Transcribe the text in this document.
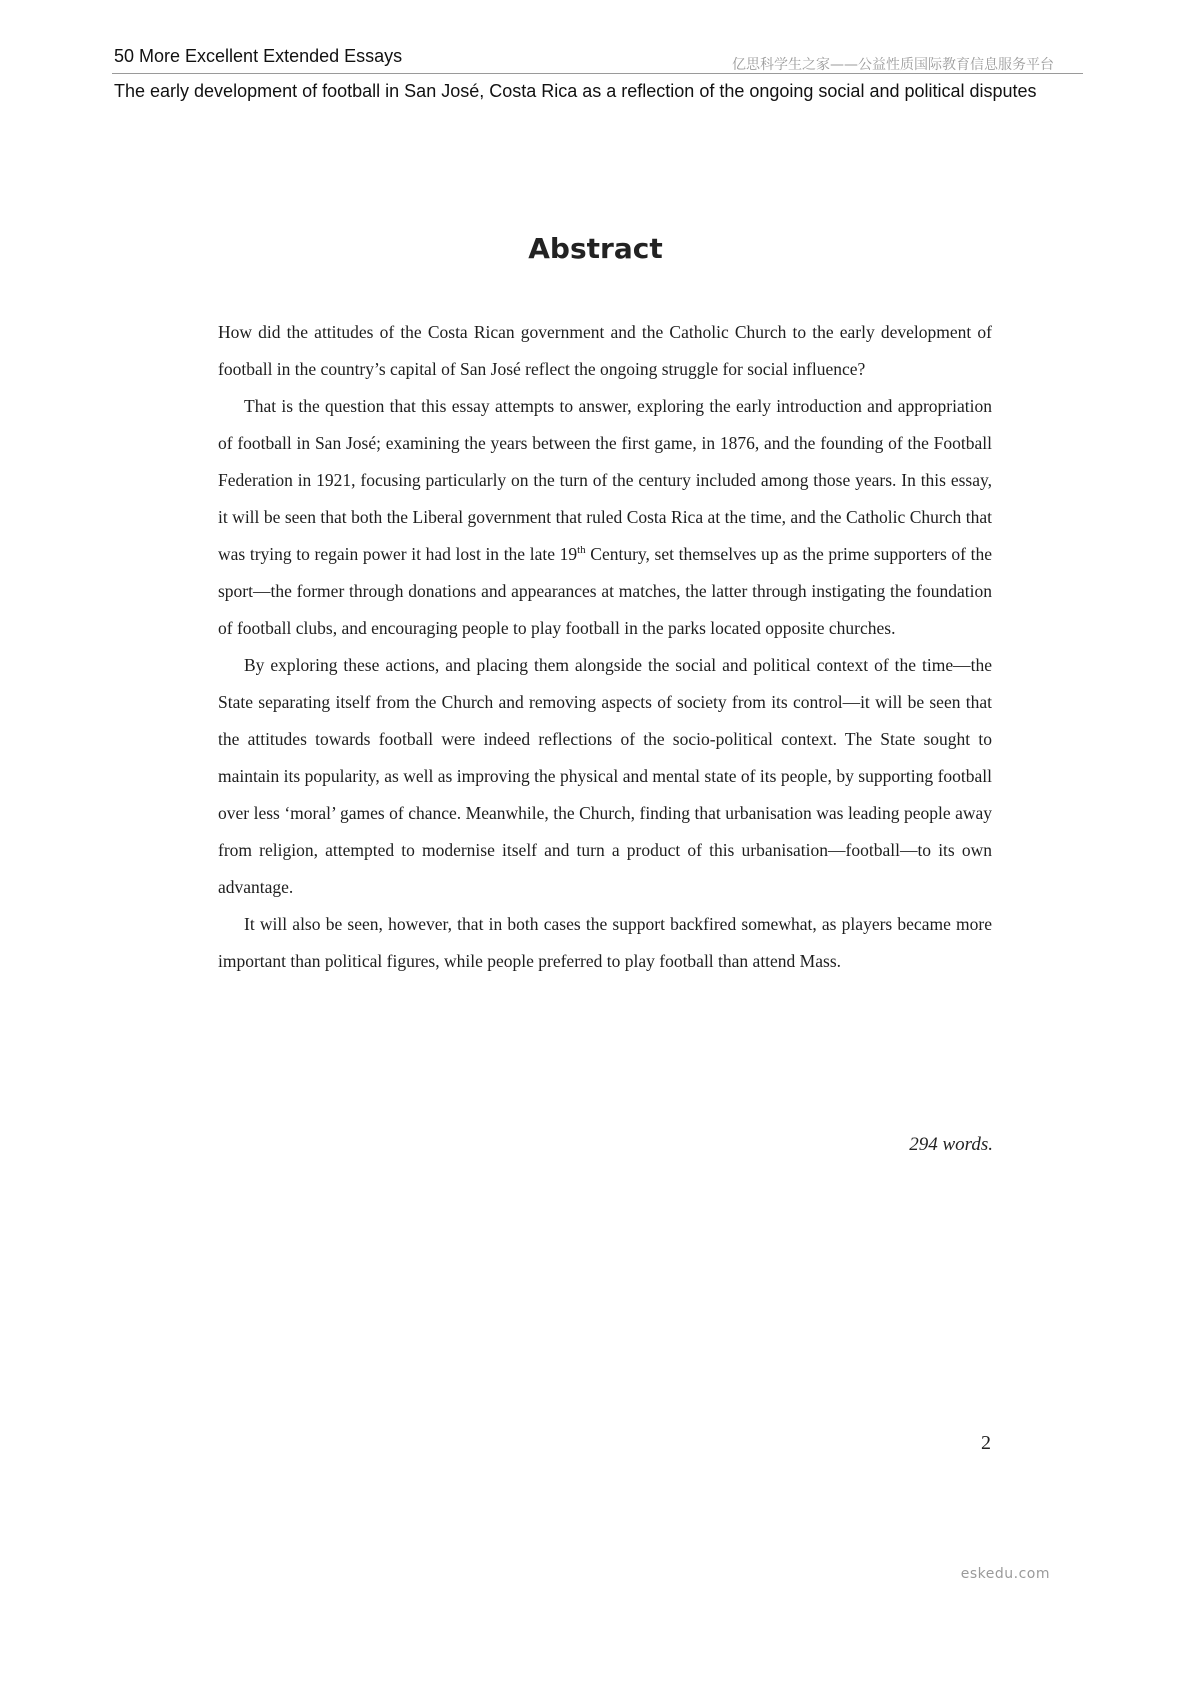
50 More Excellent Extended Essays	亿思科学生之家——公益性质国际教育信息服务平台
The early development of football in San José, Costa Rica as a reflection of the ongoing social and political disputes
Abstract

How did the attitudes of the Costa Rican government and the Catholic Church to the early development of football in the country’s capital of San José reflect the ongoing struggle for social influence?

That is the question that this essay attempts to answer, exploring the early introduction and appropriation of football in San José; examining the years between the first game, in 1876, and the founding of the Football Federation in 1921, focusing particularly on the turn of the century included among those years. In this essay, it will be seen that both the Liberal government that ruled Costa Rica at the time, and the Catholic Church that was trying to regain power it had lost in the late 19th Century, set themselves up as the prime supporters of the sport—the former through donations and appearances at matches, the latter through instigating the foundation of football clubs, and encouraging people to play football in the parks located opposite churches.

By exploring these actions, and placing them alongside the social and political context of the time—the State separating itself from the Church and removing aspects of society from its control—it will be seen that the attitudes towards football were indeed reflections of the socio-political context. The State sought to maintain its popularity, as well as improving the physical and mental state of its people, by supporting football over less ‘moral’ games of chance. Meanwhile, the Church, finding that urbanisation was leading people away from religion, attempted to modernise itself and turn a product of this urbanisation—football—to its own advantage.

It will also be seen, however, that in both cases the support backfired somewhat, as players became more important than political figures, while people preferred to play football than attend Mass.

294 words.
2
eskedu.com
